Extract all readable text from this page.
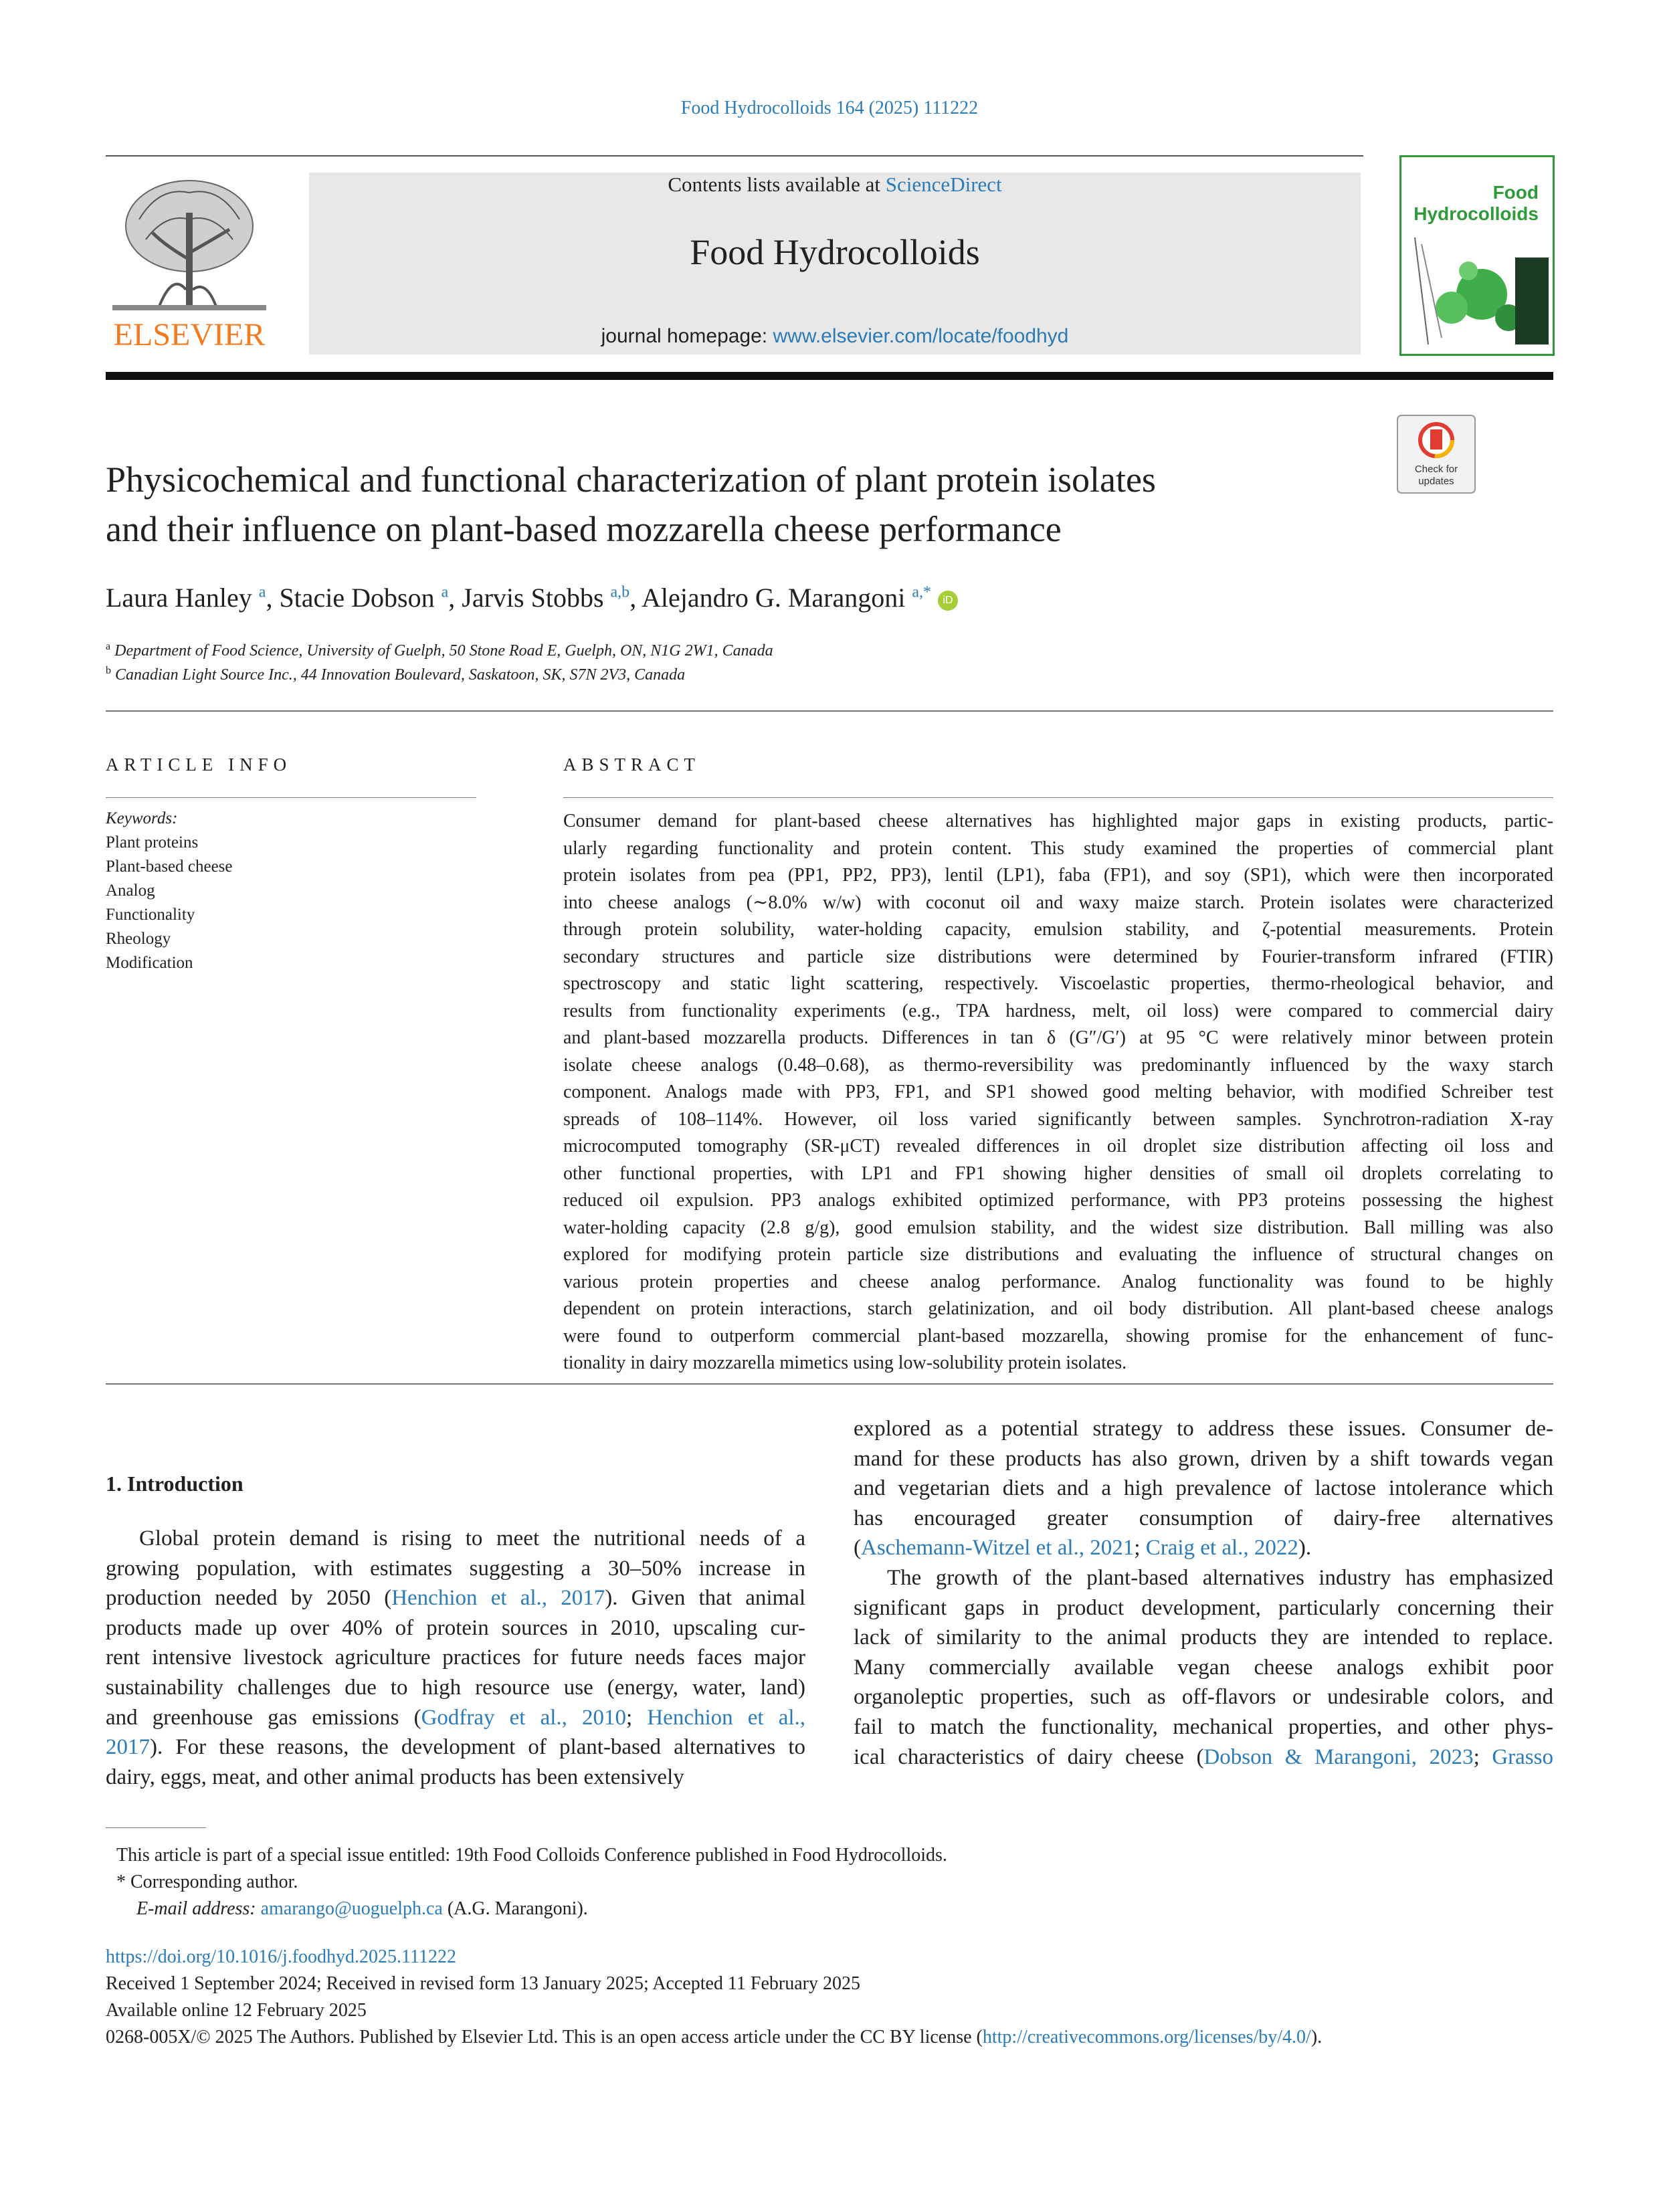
Food Hydrocolloids 164 (2025) 111222
ELSEVIER
Contents lists available at ScienceDirect
Food Hydrocolloids
journal homepage: www.elsevier.com/locate/foodhyd
Food
Hydrocolloids
Check for
updates
Physicochemical and functional characterization of plant protein isolates
and their influence on plant-based mozzarella cheese performance
Laura Hanley $^a$, Stacie Dobson $^a$, Jarvis Stobbs $^{a,b}$, Alejandro G. Marangoni $^{a,*}$ iD
$^a$ Department of Food Science, University of Guelph, 50 Stone Road E, Guelph, ON, N1G 2W1, Canada
$^b$ Canadian Light Source Inc., 44 Innovation Boulevard, Saskatoon, SK, S7N 2V3, Canada
ARTICLE INFO
Keywords:
Plant proteins
Plant-based cheese
Analog
Functionality
Rheology
Modification
ABSTRACT
Consumer demand for plant-based cheese alternatives has highlighted major gaps in existing products, partic-
ularly regarding functionality and protein content. This study examined the properties of commercial plant
protein isolates from pea (PP1, PP2, PP3), lentil (LP1), faba (FP1), and soy (SP1), which were then incorporated
into cheese analogs (∼8.0% w/w) with coconut oil and waxy maize starch. Protein isolates were characterized
through protein solubility, water-holding capacity, emulsion stability, and ζ-potential measurements. Protein
secondary structures and particle size distributions were determined by Fourier-transform infrared (FTIR)
spectroscopy and static light scattering, respectively. Viscoelastic properties, thermo-rheological behavior, and
results from functionality experiments (e.g., TPA hardness, melt, oil loss) were compared to commercial dairy
and plant-based mozzarella products. Differences in tan δ (G″/G′) at 95 °C were relatively minor between protein
isolate cheese analogs (0.48–0.68), as thermo-reversibility was predominantly influenced by the waxy starch
component. Analogs made with PP3, FP1, and SP1 showed good melting behavior, with modified Schreiber test
spreads of 108–114%. However, oil loss varied significantly between samples. Synchrotron-radiation X-ray
microcomputed tomography (SR-μCT) revealed differences in oil droplet size distribution affecting oil loss and
other functional properties, with LP1 and FP1 showing higher densities of small oil droplets correlating to
reduced oil expulsion. PP3 analogs exhibited optimized performance, with PP3 proteins possessing the highest
water-holding capacity (2.8 g/g), good emulsion stability, and the widest size distribution. Ball milling was also
explored for modifying protein particle size distributions and evaluating the influence of structural changes on
various protein properties and cheese analog performance. Analog functionality was found to be highly
dependent on protein interactions, starch gelatinization, and oil body distribution. All plant-based cheese analogs
were found to outperform commercial plant-based mozzarella, showing promise for the enhancement of func-
tionality in dairy mozzarella mimetics using low-solubility protein isolates.
1. Introduction
Global protein demand is rising to meet the nutritional needs of a
growing population, with estimates suggesting a 30–50% increase in
production needed by 2050 (Henchion et al., 2017). Given that animal
products made up over 40% of protein sources in 2010, upscaling cur-
rent intensive livestock agriculture practices for future needs faces major
sustainability challenges due to high resource use (energy, water, land)
and greenhouse gas emissions (Godfray et al., 2010; Henchion et al.,
2017). For these reasons, the development of plant-based alternatives to
dairy, eggs, meat, and other animal products has been extensively
explored as a potential strategy to address these issues. Consumer de-
mand for these products has also grown, driven by a shift towards vegan
and vegetarian diets and a high prevalence of lactose intolerance which
has encouraged greater consumption of dairy-free alternatives
(Aschemann-Witzel et al., 2021; Craig et al., 2022).
The growth of the plant-based alternatives industry has emphasized
significant gaps in product development, particularly concerning their
lack of similarity to the animal products they are intended to replace.
Many commercially available vegan cheese analogs exhibit poor
organoleptic properties, such as off-flavors or undesirable colors, and
fail to match the functionality, mechanical properties, and other phys-
ical characteristics of dairy cheese (Dobson & Marangoni, 2023; Grasso
This article is part of a special issue entitled: 19th Food Colloids Conference published in Food Hydrocolloids.
* Corresponding author.
E-mail address: amarango@uoguelph.ca (A.G. Marangoni).
https://doi.org/10.1016/j.foodhyd.2025.111222
Received 1 September 2024; Received in revised form 13 January 2025; Accepted 11 February 2025
Available online 12 February 2025
0268-005X/© 2025 The Authors. Published by Elsevier Ltd. This is an open access article under the CC BY license (http://creativecommons.org/licenses/by/4.0/).
